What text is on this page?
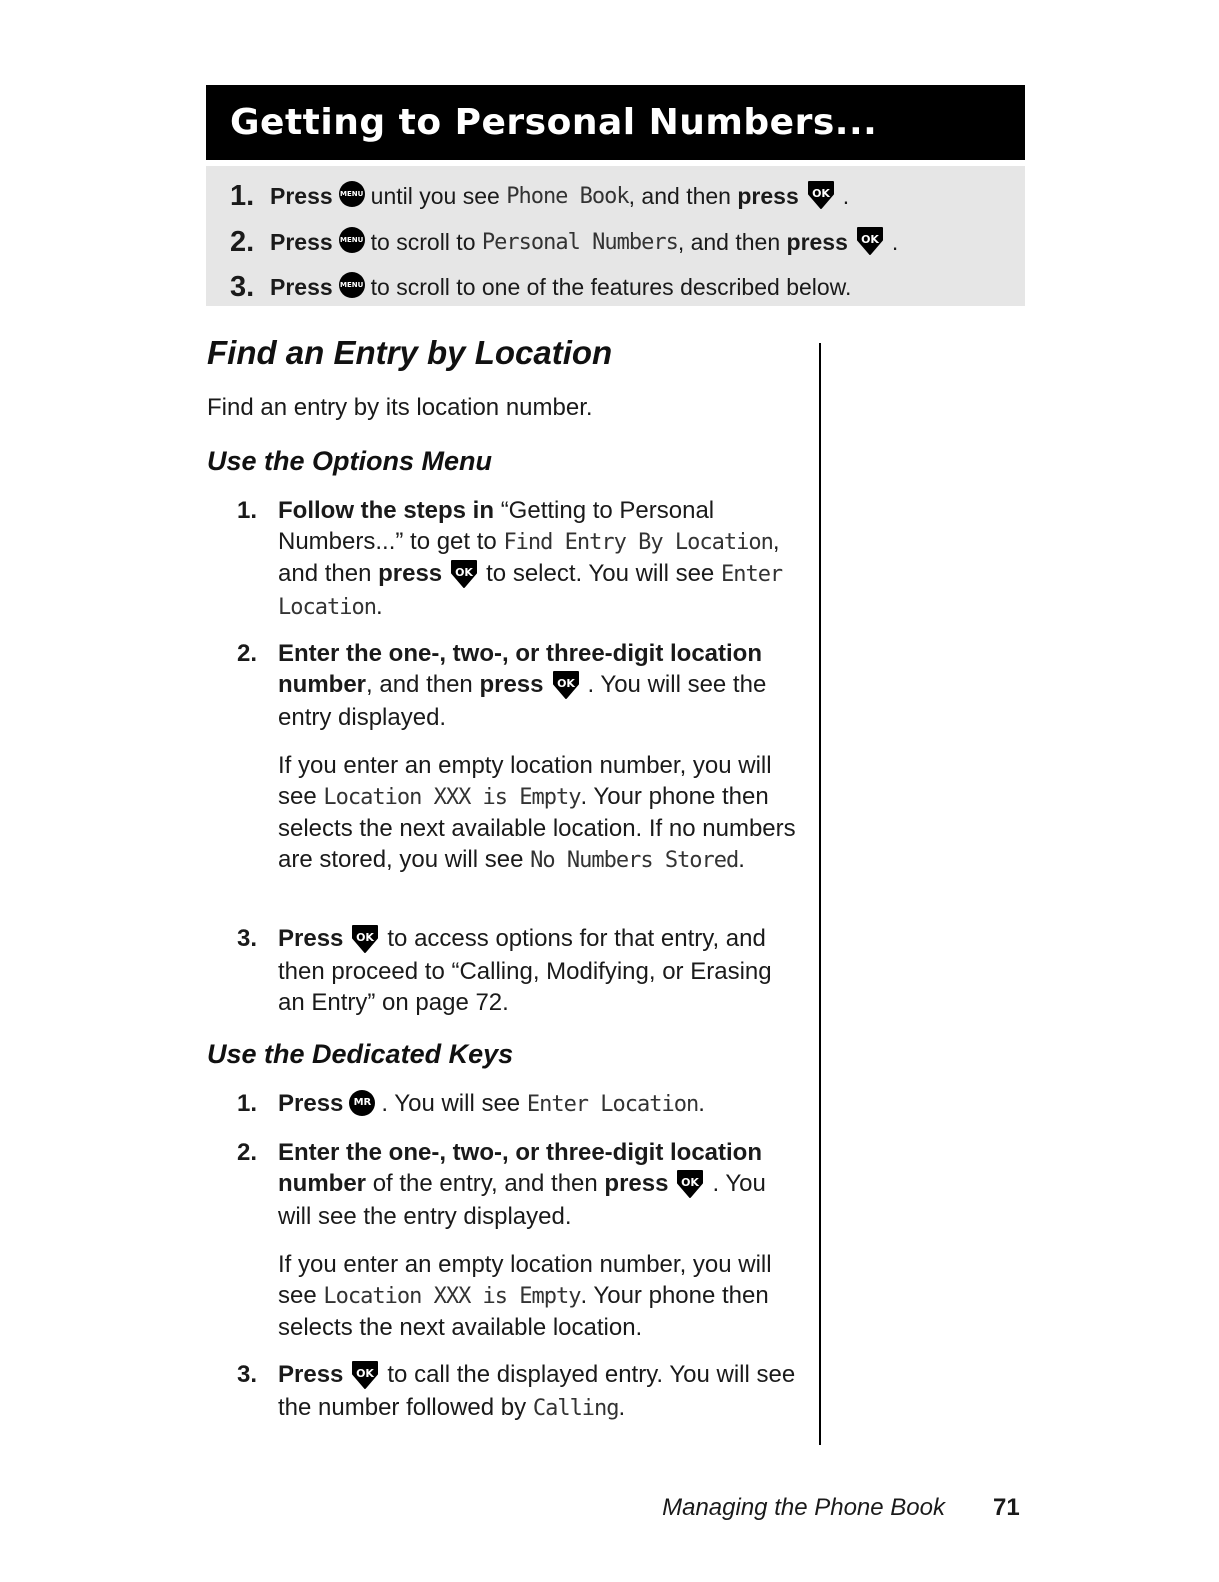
Getting to Personal Numbers...
1. Press MENU until you see
Phone Book , and then
press OK .
2. Press MENU to scroll to
Personal Numbers , and then
press OK .
3. Press MENU to scroll to one of the features described below.
Find an Entry by Location
Find an entry by its location number.
Use the Options Menu
1. Follow the steps in “Getting to Personal Numbers...” to get to Find Entry By Location, and then press OK to select. You will see Enter Location.
2. Enter the one-, two-, or three-digit location number, and then press OK . You will see the entry displayed.
If you enter an empty location number, you will see Location XXX is Empty. Your phone then selects the next available location. If no numbers are stored, you will see No Numbers Stored.
3. Press OK to access options for that entry, and then proceed to “Calling, Modifying, or Erasing an Entry” on page 72.
Use the Dedicated Keys
1. Press MR . You will see Enter Location.
2. Enter the one-, two-, or three-digit location number of the entry, and then press OK . You will see the entry displayed.
If you enter an empty location number, you will see Location XXX is Empty. Your phone then selects the next available location.
3. Press OK to call the displayed entry. You will see the number followed by Calling.
Managing the Phone Book 71
